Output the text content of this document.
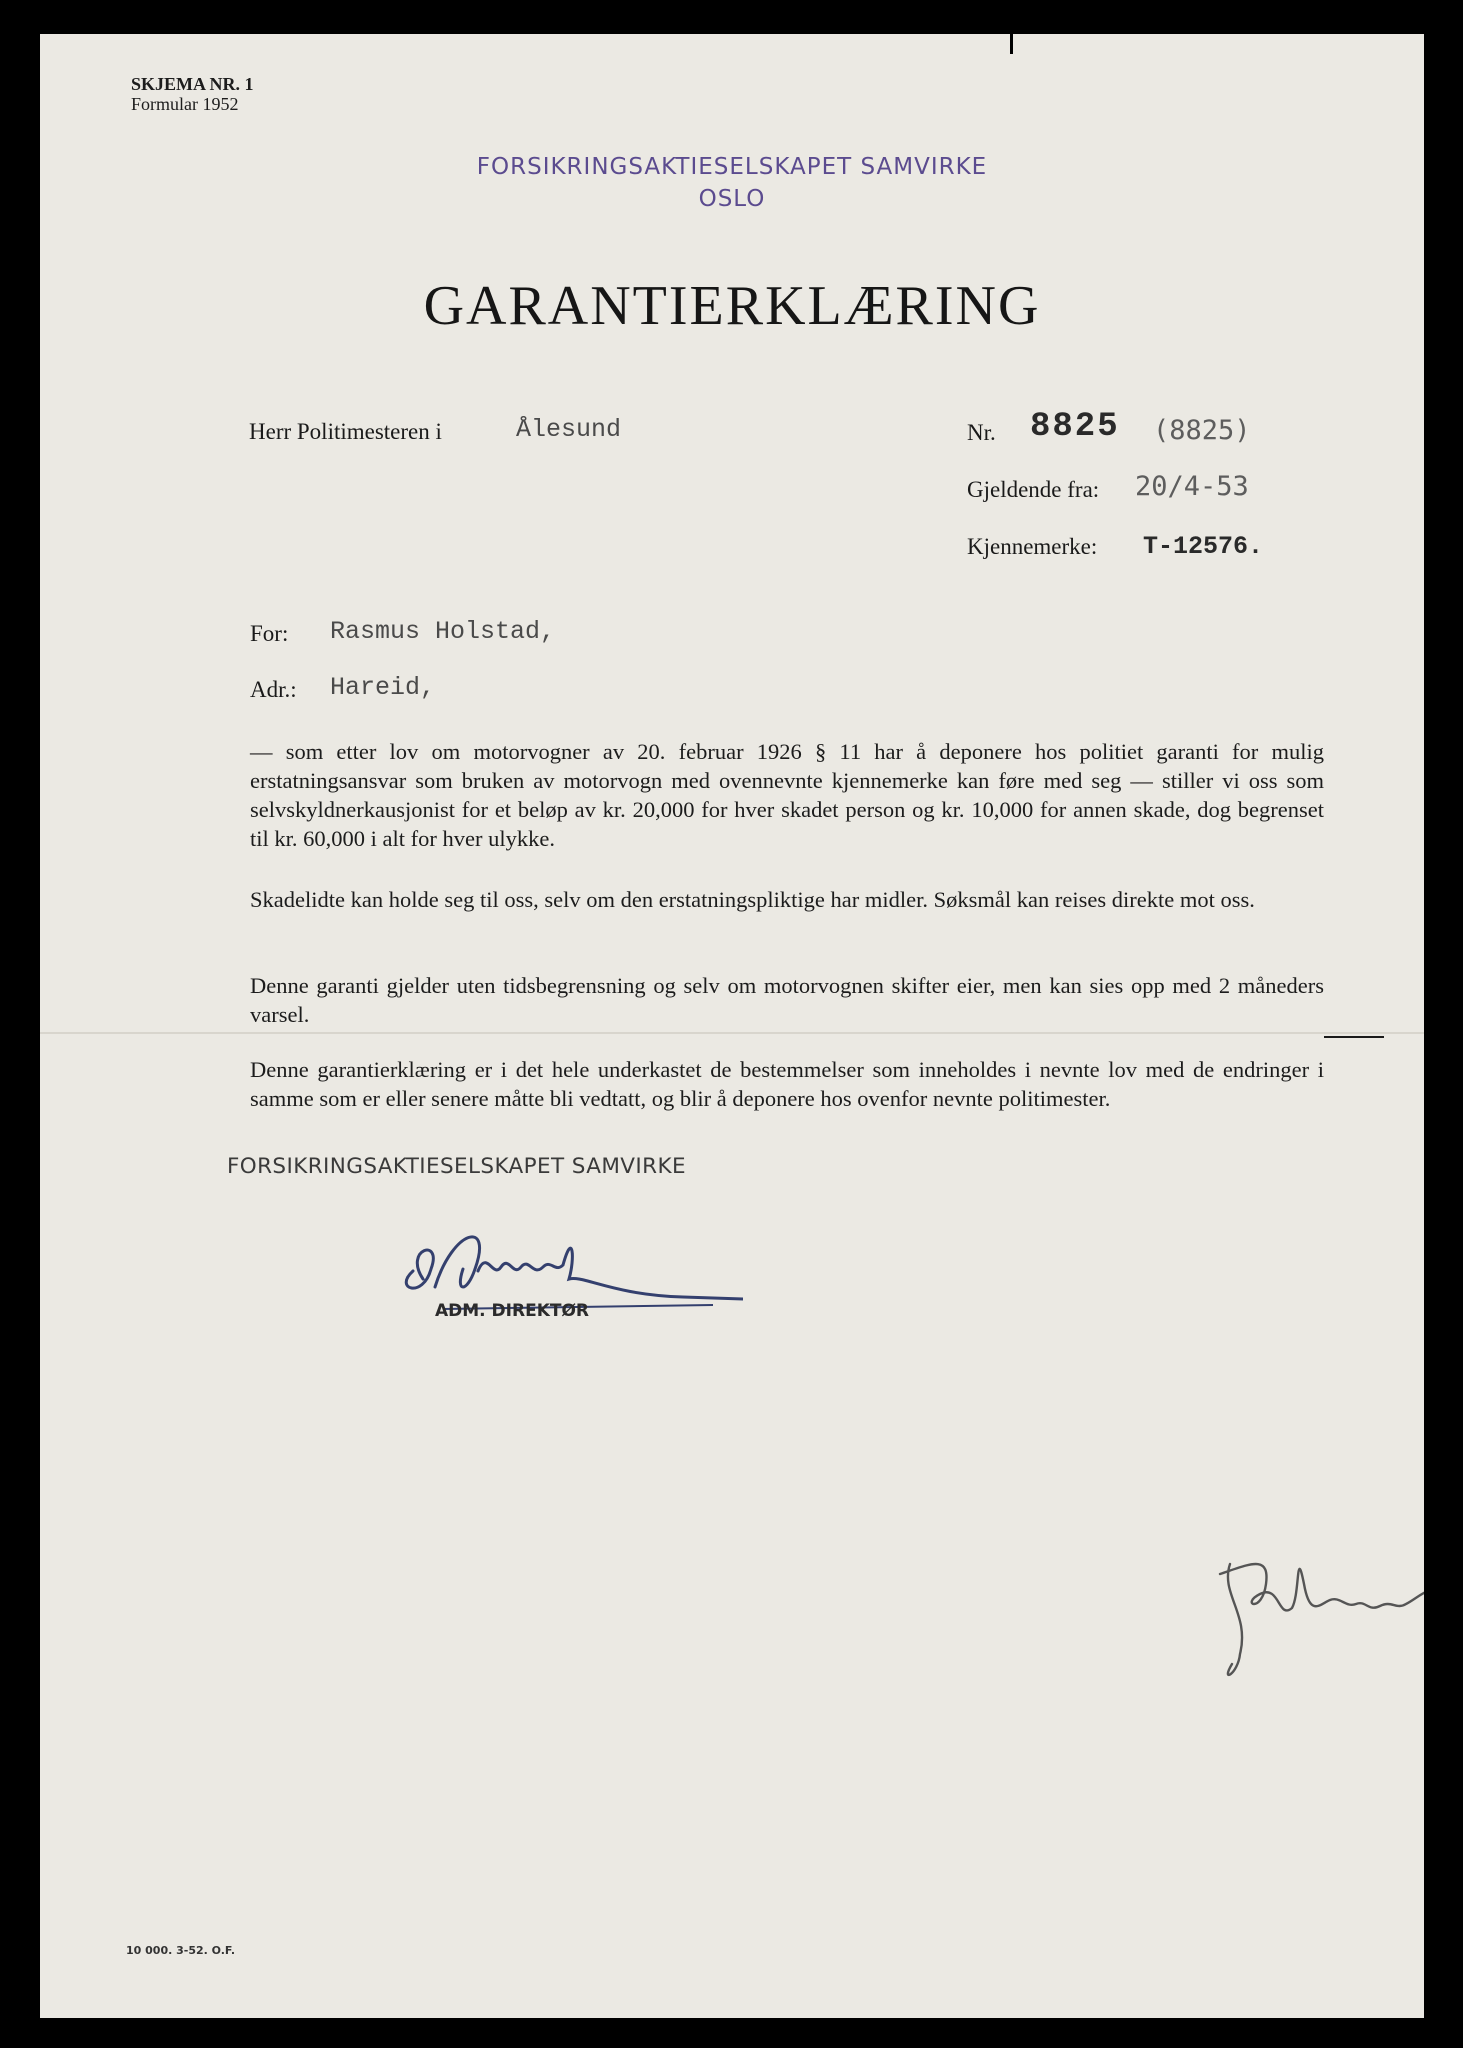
SKJEMA NR. 1
Formular 1952
FORSIKRINGSAKTIESELSKAPET SAMVIRKE
OSLO
GARANTIERKLÆRING
Herr Politimesteren i	Ålesund	Nr. 8825 (8825)
Gjeldende fra: 20/4-53
Kjennemerke: T-12576.
For: Rasmus Holstad,
Adr.: Hareid,

— som etter lov om motorvogner av 20. februar 1926 § 11 har å deponere hos politiet garanti for mulig erstatningsansvar som bruken av motorvogn med ovennevnte kjennemerke kan føre med seg — stiller vi oss som selvskyldnerkausjonist for et beløp av kr. 20,000 for hver skadet person og kr. 10,000 for annen skade, dog begrenset til kr. 60,000 i alt for hver ulykke.

Skadelidte kan holde seg til oss, selv om den erstatningspliktige har midler. Søksmål kan reises direkte mot oss.

Denne garanti gjelder uten tidsbegrensning og selv om motorvognen skifter eier, men kan sies opp med 2 måneders varsel.

Denne garantierklæring er i det hele underkastet de bestemmelser som inneholdes i nevnte lov med de endringer i samme som er eller senere måtte bli vedtatt, og blir å deponere hos ovenfor nevnte politimester.

FORSIKRINGSAKTIESELSKAPET SAMVIRKE
ADM. DIREKTØR
10 000. 3-52. O.F.
